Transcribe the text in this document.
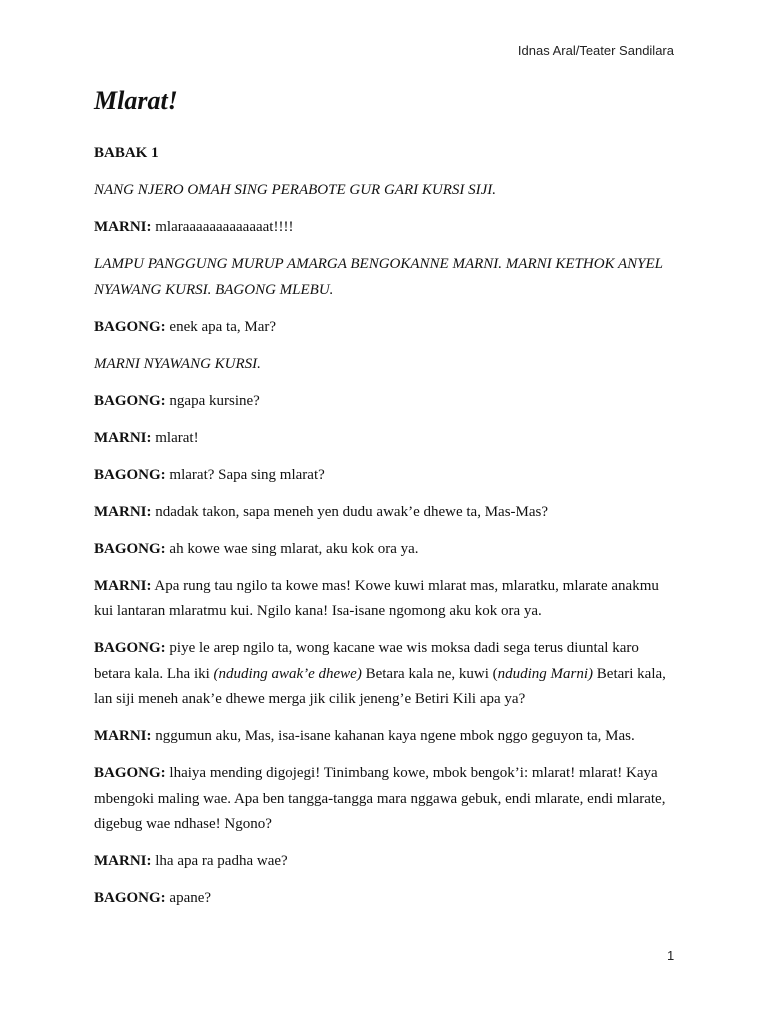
Idnas Aral/Teater Sandilara
Mlarat!

BABAK 1

NANG NJERO OMAH SING PERABOTE GUR GARI KURSI SIJI.

MARNI: mlaraaaaaaaaaaaaat!!!!

LAMPU PANGGUNG MURUP AMARGA BENGOKANNE MARNI. MARNI KETHOK ANYEL NYAWANG KURSI. BAGONG MLEBU.

BAGONG: enek apa ta, Mar?

MARNI NYAWANG KURSI.

BAGONG: ngapa kursine?

MARNI: mlarat!

BAGONG: mlarat? Sapa sing mlarat?

MARNI: ndadak takon, sapa meneh yen dudu awak’e dhewe ta, Mas-Mas?

BAGONG: ah kowe wae sing mlarat, aku kok ora ya.

MARNI: Apa rung tau ngilo ta kowe mas! Kowe kuwi mlarat mas, mlaratku, mlarate anakmu kui lantaran mlaratmu kui. Ngilo kana! Isa-isane ngomong aku kok ora ya.

BAGONG: piye le arep ngilo ta, wong kacane wae wis moksa dadi sega terus diuntal karo betara kala. Lha iki (nduding awak’e dhewe) Betara kala ne, kuwi (nduding Marni) Betari kala, lan siji meneh anak’e dhewe merga jik cilik jeneng’e Betiri Kili apa ya?

MARNI: nggumun aku, Mas, isa-isane kahanan kaya ngene mbok nggo geguyon ta, Mas.

BAGONG: lhaiya mending digojegi! Tinimbang kowe, mbok bengok’i: mlarat! mlarat! Kaya mbengoki maling wae. Apa ben tangga-tangga mara nggawa gebuk, endi mlarate, endi mlarate, digebug wae ndhase! Ngono?

MARNI: lha apa ra padha wae?

BAGONG: apane?

1
